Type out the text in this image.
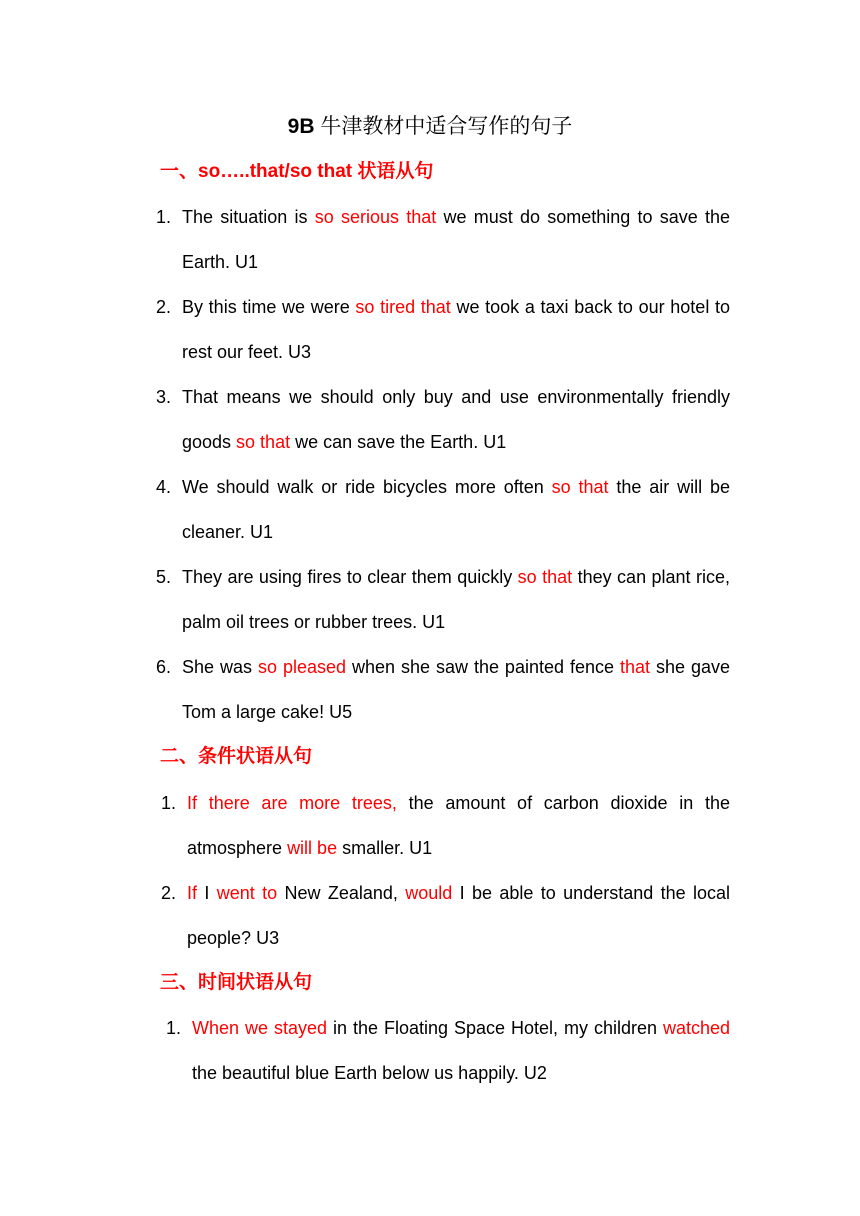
9B 牛津教材中适合写作的句子
一、so…..that/so that 状语从句
1. The situation is so serious that we must do something to save the Earth. U1

2. By this time we were so tired that we took a taxi back to our hotel to rest our feet. U3

3. That means we should only buy and use environmentally friendly goods so that we can save the Earth. U1

4. We should walk or ride bicycles more often so that the air will be cleaner. U1

5. They are using fires to clear them quickly so that they can plant rice, palm oil trees or rubber trees. U1

6. She was so pleased when she saw the painted fence that she gave Tom a large cake! U5

二、条件状语从句
1. If there are more trees, the amount of carbon dioxide in the atmosphere will be smaller. U1

2. If I went to New Zealand, would I be able to understand the local people? U3

三、时间状语从句
1. When we stayed in the Floating Space Hotel, my children watched the beautiful blue Earth below us happily. U2
